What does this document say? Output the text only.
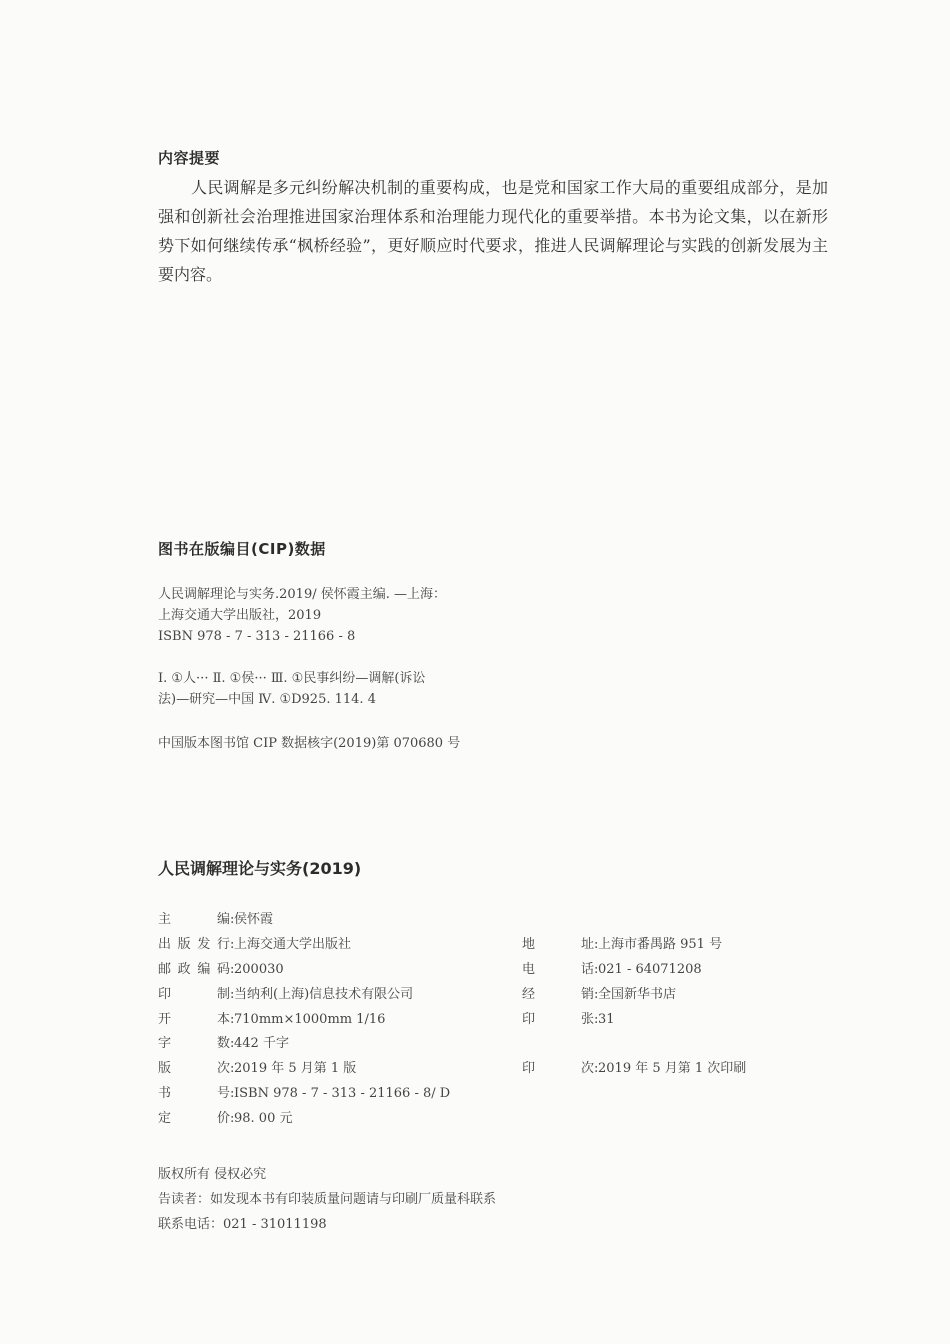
内容提要

人民调解是多元纠纷解决机制的重要构成，也是党和国家工作大局的重要组成部分，是加强和创新社会治理推进国家治理体系和治理能力现代化的重要举措。本书为论文集，以在新形势下如何继续传承“枫桥经验”，更好顺应时代要求，推进人民调解理论与实践的创新发展为主要内容。

图书在版编目(CIP)数据
人民调解理论与实务.2019/ 侯怀霞主编. —上海：
上海交通大学出版社，2019
ISBN 978 - 7 - 313 - 21166 - 8
Ⅰ. ①人··· Ⅱ. ①侯··· Ⅲ. ①民事纠纷—调解(诉讼
法)—研究—中国 Ⅳ. ①D925. 114. 4
中国版本图书馆 CIP 数据核字(2019)第 070680 号
人民调解理论与实务(2019)
主编:侯怀霞
出版发行:上海交通大学出版社
邮政编码:200030
印制:当纳利(上海)信息技术有限公司
开本:710mm×1000mm 1/16
字数:442 千字
版次:2019 年 5 月第 1 版
书号:ISBN 978 - 7 - 313 - 21166 - 8/ D
定价:98. 00 元
地址:上海市番禺路 951 号
电话:021 - 64071208
经销:全国新华书店
印张:31
印次:2019 年 5 月第 1 次印刷
版权所有 侵权必究
告读者：如发现本书有印装质量问题请与印刷厂质量科联系
联系电话：021 - 31011198
